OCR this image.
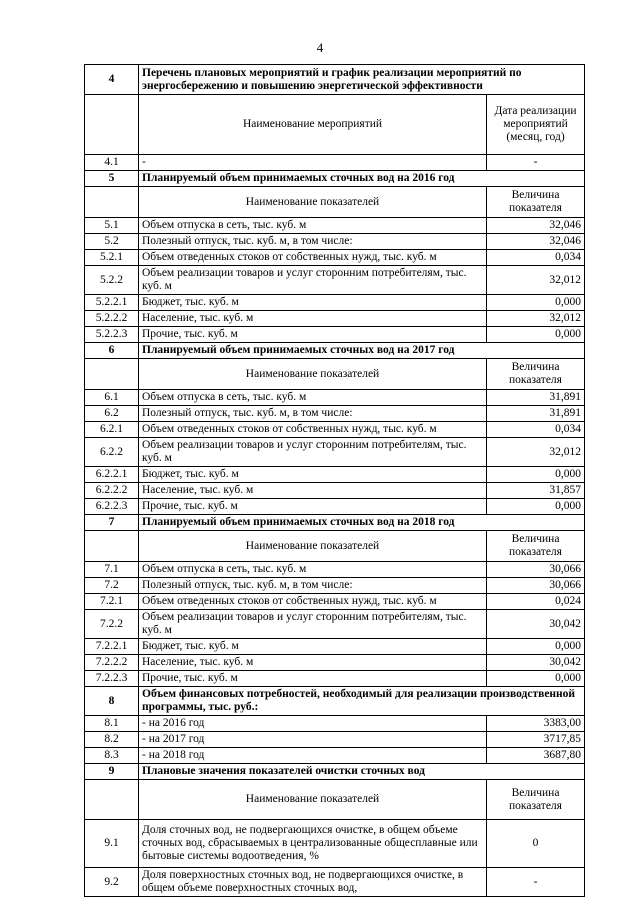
4
4	Перечень плановых мероприятий и график реализации мероприятий по энергосбережению и повышению энергетической эффективности	
	Наименование мероприятий	Дата реализации мероприятий (месяц, год)
4.1	-	-
5	Планируемый объем принимаемых сточных вод на 2016 год	
	Наименование показателей	Величина показателя
5.1	Объем отпуска в сеть, тыс. куб. м	32,046
5.2	Полезный отпуск, тыс. куб. м, в том числе:	32,046
5.2.1	Объем отведенных стоков от собственных нужд, тыс. куб. м	0,034
5.2.2	Объем реализации товаров и услуг сторонним потребителям, тыс. куб. м	32,012
5.2.2.1	Бюджет, тыс. куб. м	0,000
5.2.2.2	Население, тыс. куб. м	32,012
5.2.2.3	Прочие, тыс. куб. м	0,000
6	Планируемый объем принимаемых сточных вод на 2017 год	
	Наименование показателей	Величина показателя
6.1	Объем отпуска в сеть, тыс. куб. м	31,891
6.2	Полезный отпуск, тыс. куб. м, в том числе:	31,891
6.2.1	Объем отведенных стоков от собственных нужд, тыс. куб. м	0,034
6.2.2	Объем реализации товаров и услуг сторонним потребителям, тыс. куб. м	32,012
6.2.2.1	Бюджет, тыс. куб. м	0,000
6.2.2.2	Население, тыс. куб. м	31,857
6.2.2.3	Прочие, тыс. куб. м	0,000
7	Планируемый объем принимаемых сточных вод на 2018 год	
	Наименование показателей	Величина показателя
7.1	Объем отпуска в сеть, тыс. куб. м	30,066
7.2	Полезный отпуск, тыс. куб. м, в том числе:	30,066
7.2.1	Объем отведенных стоков от собственных нужд, тыс. куб. м	0,024
7.2.2	Объем реализации товаров и услуг сторонним потребителям, тыс. куб. м	30,042
7.2.2.1	Бюджет, тыс. куб. м	0,000
7.2.2.2	Население, тыс. куб. м	30,042
7.2.2.3	Прочие, тыс. куб. м	0,000
8	Объем финансовых потребностей, необходимый для реализации производственной программы, тыс. руб.:	
8.1	- на 2016 год	3383,00
8.2	- на 2017 год	3717,85
8.3	- на 2018 год	3687,80
9	Плановые значения показателей очистки сточных вод	
	Наименование показателей	Величина показателя
9.1	Доля сточных вод, не подвергающихся очистке, в общем объеме сточных вод, сбрасываемых в централизованные общесплавные или бытовые системы водоотведения, %	0
9.2	Доля поверхностных сточных вод, не подвергающихся очистке, в общем объеме поверхностных сточных вод,	-
